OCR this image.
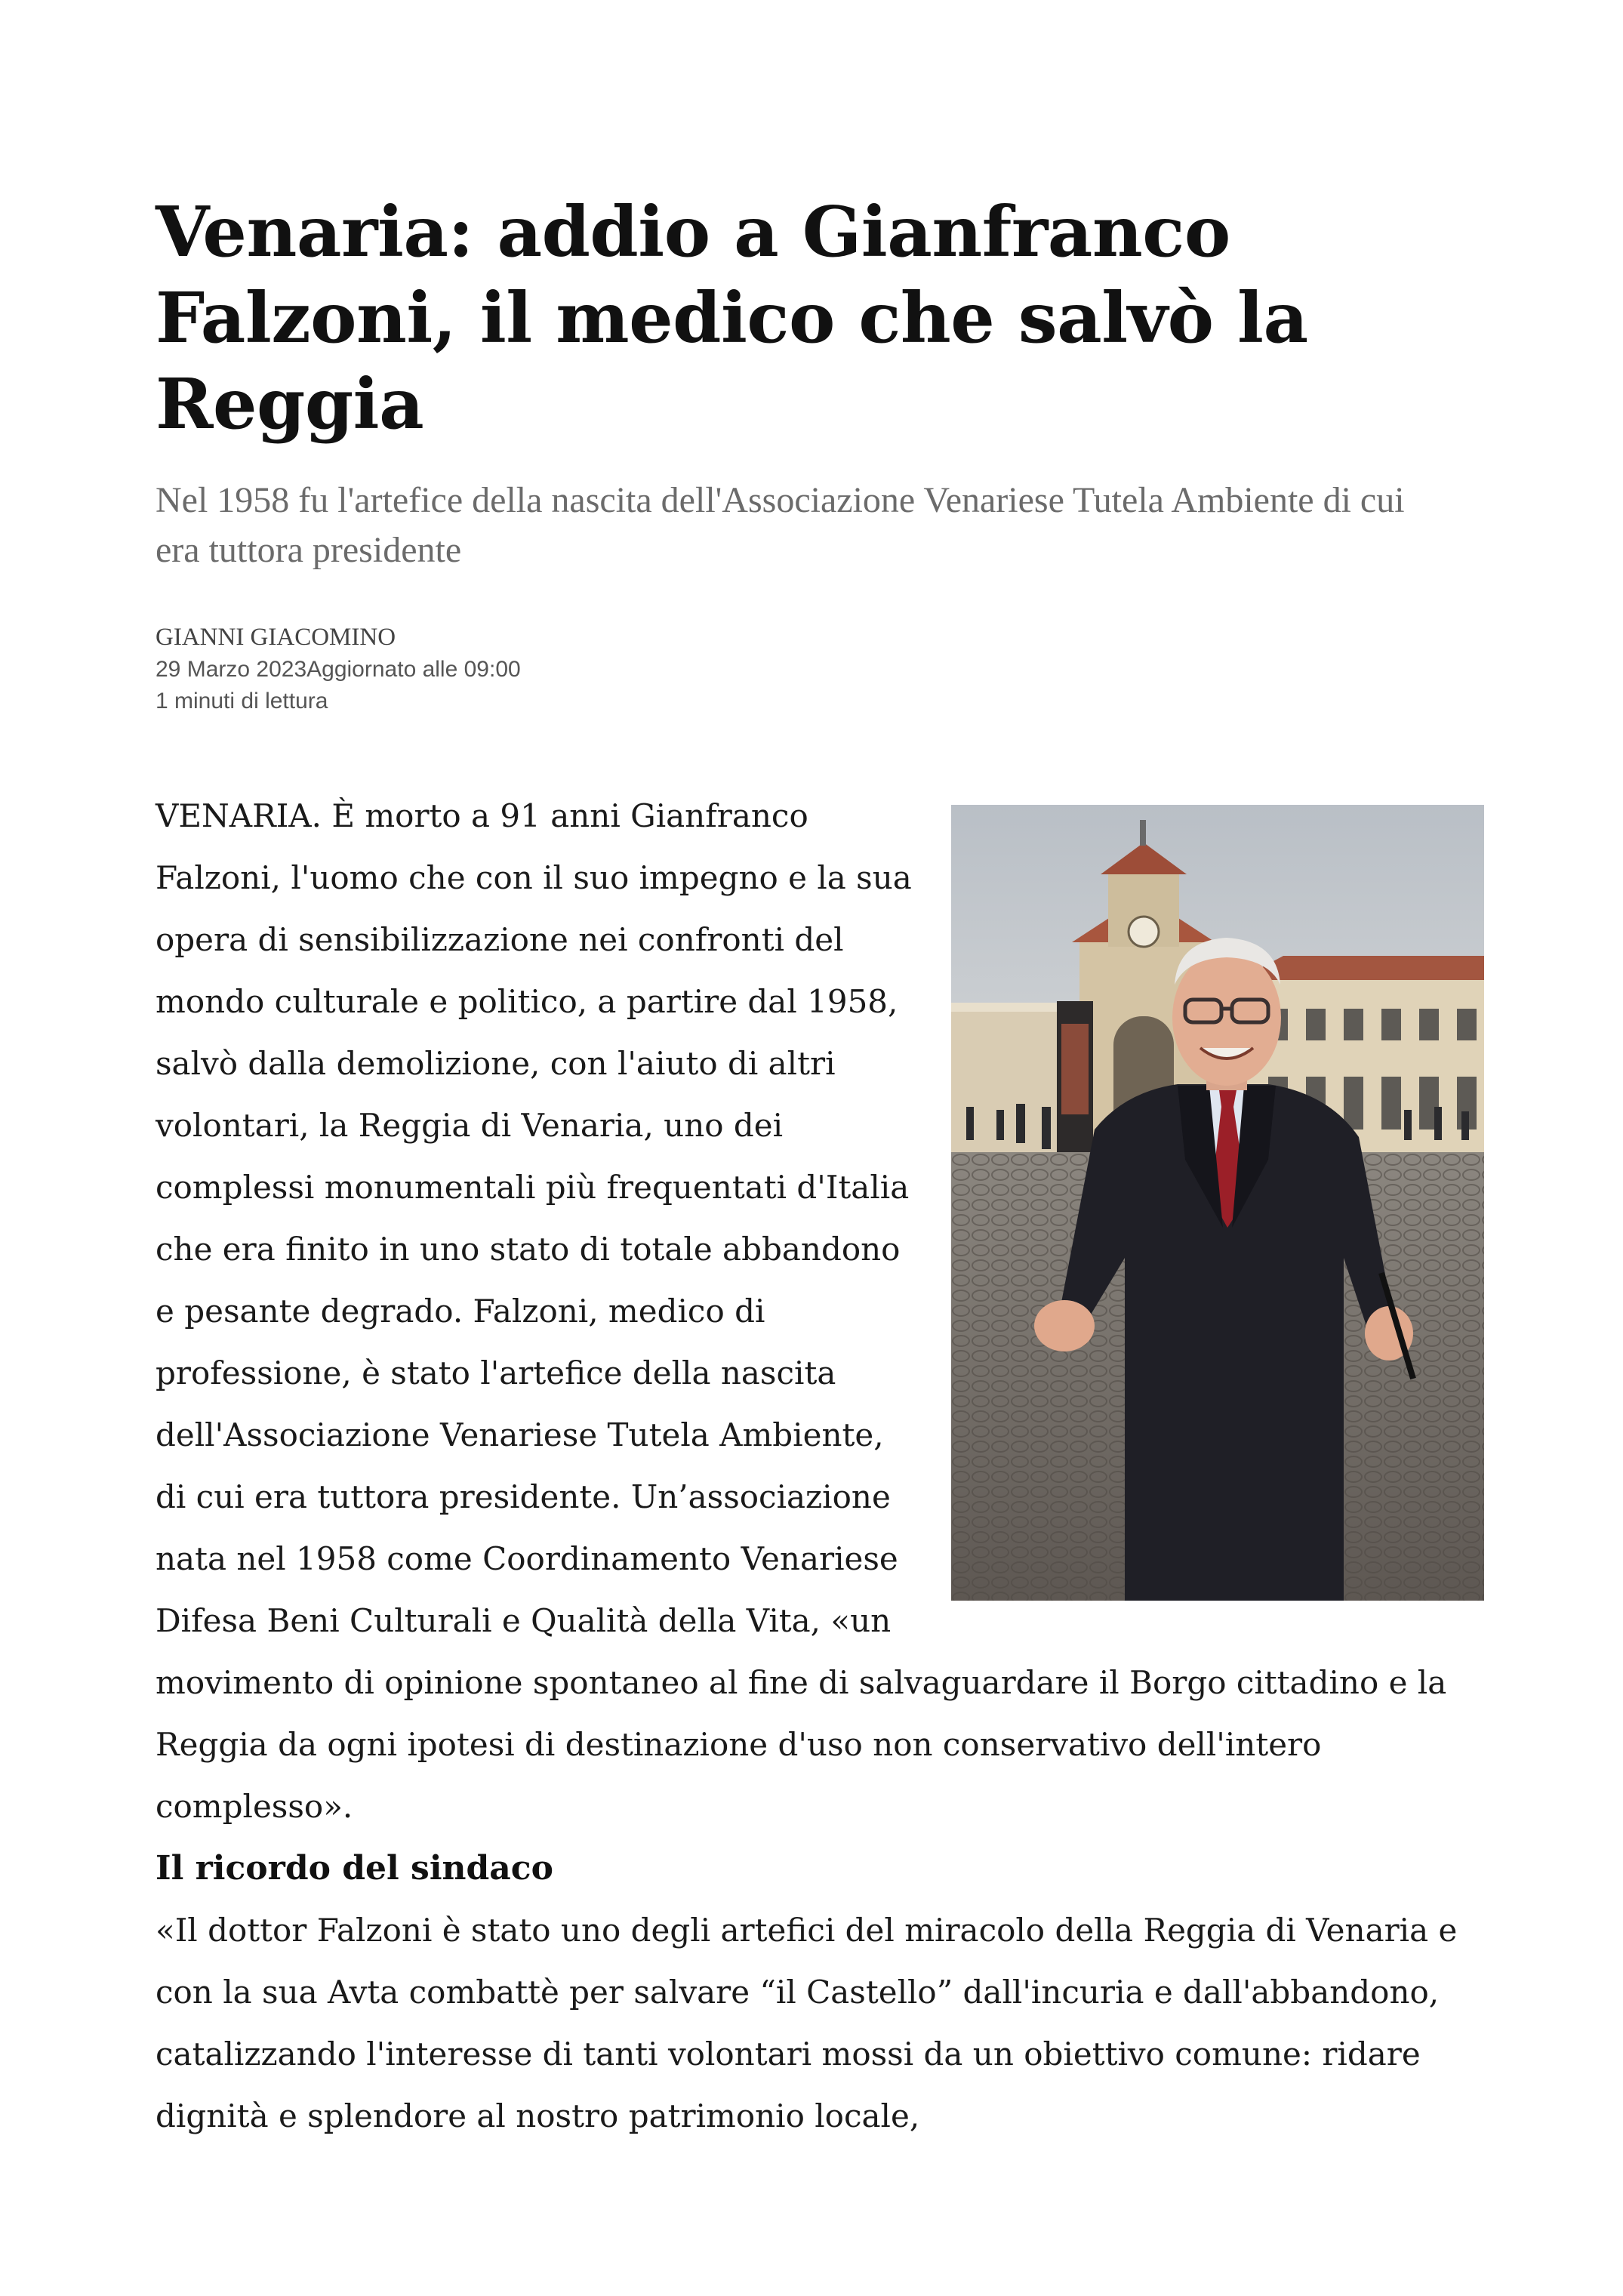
Venaria: addio a Gianfranco Falzoni, il medico che salvò la Reggia

Nel 1958 fu l'artefice della nascita dell'Associazione Venariese Tutela Ambiente di cui era tuttora presidente

GIANNI GIACOMINO
29 Marzo 2023Aggiornato alle 09:00
1 minuti di lettura

VENARIA. È morto a 91 anni Gianfranco Falzoni, l'uomo che con il suo impegno e la sua opera di sensibilizzazione nei confronti del mondo culturale e politico, a partire dal 1958, salvò dalla demolizione, con l'aiuto di altri volontari, la Reggia di Venaria, uno dei complessi monumentali più frequentati d'Italia che era finito in uno stato di totale abbandono e pesante degrado. Falzoni, medico di professione, è stato l'artefice della nascita dell'Associazione Venariese Tutela Ambiente, di cui era tuttora presidente. Un’associazione nata nel 1958 come Coordinamento Venariese Difesa Beni Culturali e Qualità della Vita, «un movimento di opinione spontaneo al fine di salvaguardare il Borgo cittadino e la Reggia da ogni ipotesi di destinazione d'uso non conservativo dell'intero complesso».

Il ricordo del sindaco

«Il dottor Falzoni è stato uno degli artefici del miracolo della Reggia di Venaria e con la sua Avta combattè per salvare “il Castello” dall'incuria e dall'abbandono, catalizzando l'interesse di tanti volontari mossi da un obiettivo comune: ridare dignità e splendore al nostro patrimonio locale,
